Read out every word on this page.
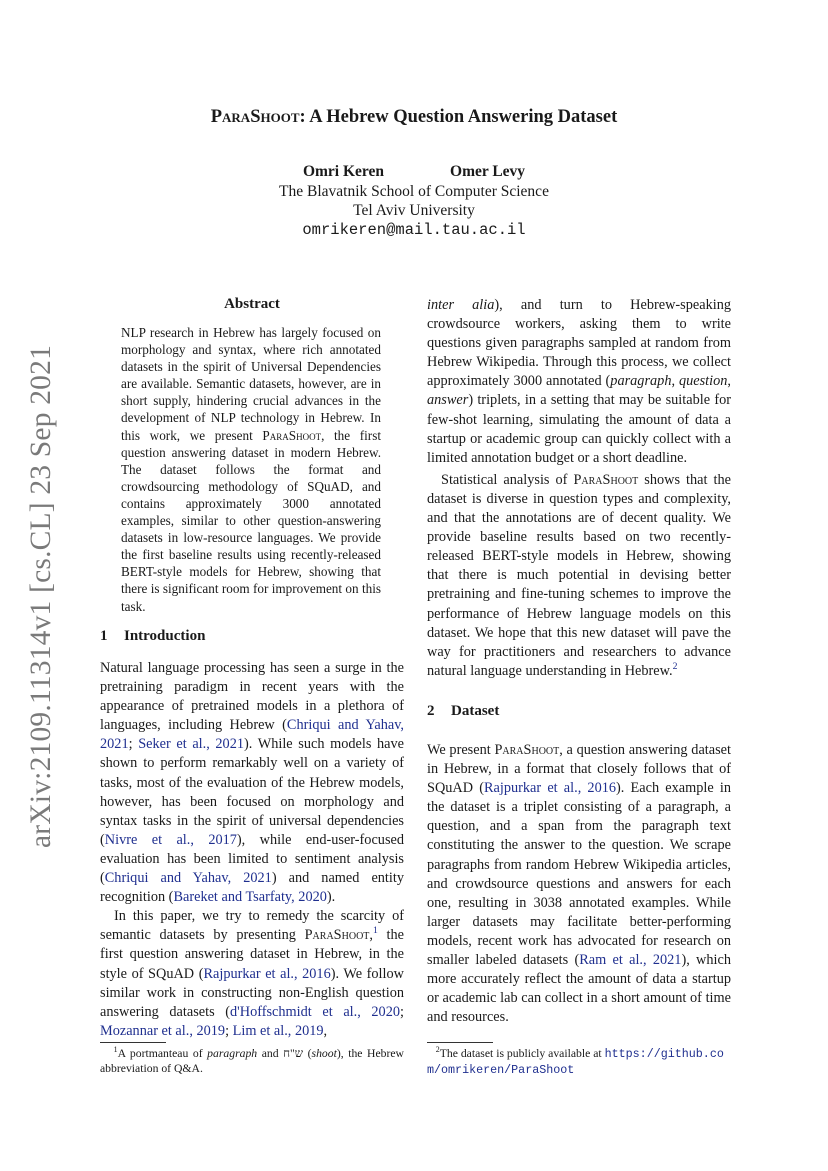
arXiv:2109.11314v1 [cs.CL] 23 Sep 2021
ParaShoot: A Hebrew Question Answering Dataset
Omri Keren	Omer Levy
The Blavatnik School of Computer Science
Tel Aviv University
omrikeren@mail.tau.ac.il
Abstract
NLP research in Hebrew has largely focused on morphology and syntax, where rich annotated datasets in the spirit of Universal Dependencies are available. Semantic datasets, however, are in short supply, hindering crucial advances in the development of NLP technology in Hebrew. In this work, we present ParaShoot, the first question answering dataset in modern Hebrew. The dataset follows the format and crowdsourcing methodology of SQuAD, and contains approximately 3000 annotated examples, similar to other question-answering datasets in low-resource languages. We provide the first baseline results using recently-released BERT-style models for Hebrew, showing that there is significant room for improvement on this task.
1 Introduction

Natural language processing has seen a surge in the pretraining paradigm in recent years with the appearance of pretrained models in a plethora of languages, including Hebrew (Chriqui and Yahav, 2021; Seker et al., 2021). While such models have shown to perform remarkably well on a variety of tasks, most of the evaluation of the Hebrew models, however, has been focused on morphology and syntax tasks in the spirit of universal dependencies (Nivre et al., 2017), while end-user-focused evaluation has been limited to sentiment analysis (Chriqui and Yahav, 2021) and named entity recognition (Bareket and Tsarfaty, 2020).

In this paper, we try to remedy the scarcity of semantic datasets by presenting ParaShoot,$^1$ the first question answering dataset in Hebrew, in the style of SQuAD (Rajpurkar et al., 2016). We follow similar work in constructing non-English question answering datasets (d'Hoffschmidt et al., 2020; Mozannar et al., 2019; Lim et al., 2019,

inter alia), and turn to Hebrew-speaking crowdsource workers, asking them to write questions given paragraphs sampled at random from Hebrew Wikipedia. Through this process, we collect approximately 3000 annotated (paragraph, question, answer) triplets, in a setting that may be suitable for few-shot learning, simulating the amount of data a startup or academic group can quickly collect with a limited annotation budget or a short deadline.

Statistical analysis of ParaShoot shows that the dataset is diverse in question types and complexity, and that the annotations are of decent quality. We provide baseline results based on two recently-released BERT-style models in Hebrew, showing that there is much potential in devising better pretraining and fine-tuning schemes to improve the performance of Hebrew language models on this dataset. We hope that this new dataset will pave the way for practitioners and researchers to advance natural language understanding in Hebrew.$^2$

2 Dataset

We present ParaShoot, a question answering dataset in Hebrew, in a format that closely follows that of SQuAD (Rajpurkar et al., 2016). Each example in the dataset is a triplet consisting of a paragraph, a question, and a span from the paragraph text constituting the answer to the question. We scrape paragraphs from random Hebrew Wikipedia articles, and crowdsource questions and answers for each one, resulting in 3038 annotated examples. While larger datasets may facilitate better-performing models, recent work has advocated for research on smaller labeled datasets (Ram et al., 2021), which more accurately reflect the amount of data a startup or academic lab can collect in a short amount of time and resources.

$^1$A portmanteau of paragraph and ש"ח (shoot), the Hebrew abbreviation of Q&A.
$^2$The dataset is publicly available at https://github.com/omrikeren/ParaShoot
